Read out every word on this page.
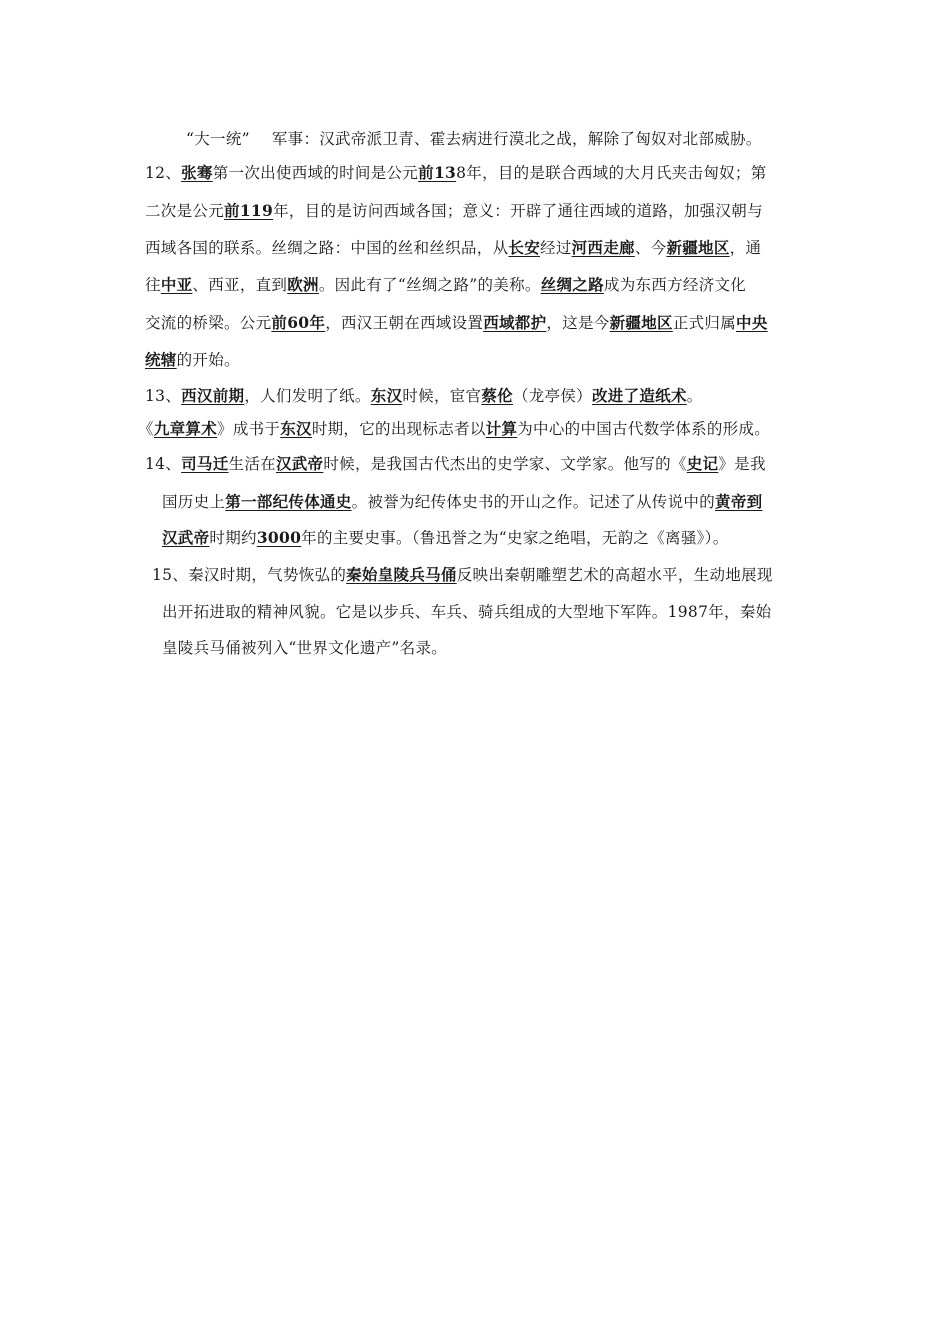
“大一统” 军事：汉武帝派卫青、霍去病进行漠北之战，解除了匈奴对北部威胁。
12、张骞第一次出使西域的时间是公元前138年，目的是联合西域的大月氏夹击匈奴；第
二次是公元前119年，目的是访问西域各国；意义：开辟了通往西域的道路，加强汉朝与
西域各国的联系。丝绸之路：中国的丝和丝织品，从长安经过河西走廊、今新疆地区，通
往中亚、西亚，直到欧洲。因此有了“丝绸之路”的美称。丝绸之路成为东西方经济文化
交流的桥梁。公元前60年，西汉王朝在西域设置西域都护，这是今新疆地区正式归属中央
统辖的开始。
13、西汉前期，人们发明了纸。东汉时候，宦官蔡伦（龙亭侯）改进了造纸术。
《九章算术》成书于东汉时期，它的出现标志者以计算为中心的中国古代数学体系的形成。
14、司马迁生活在汉武帝时候，是我国古代杰出的史学家、文学家。他写的《史记》是我
国历史上第一部纪传体通史。被誉为纪传体史书的开山之作。记述了从传说中的黄帝到
汉武帝时期约3000年的主要史事。（鲁迅誉之为“史家之绝唱，无韵之《离骚》）。
15、秦汉时期，气势恢弘的秦始皇陵兵马俑反映出秦朝雕塑艺术的高超水平，生动地展现
出开拓进取的精神风貌。它是以步兵、车兵、骑兵组成的大型地下军阵。1987年，秦始
皇陵兵马俑被列入“世界文化遗产”名录。
